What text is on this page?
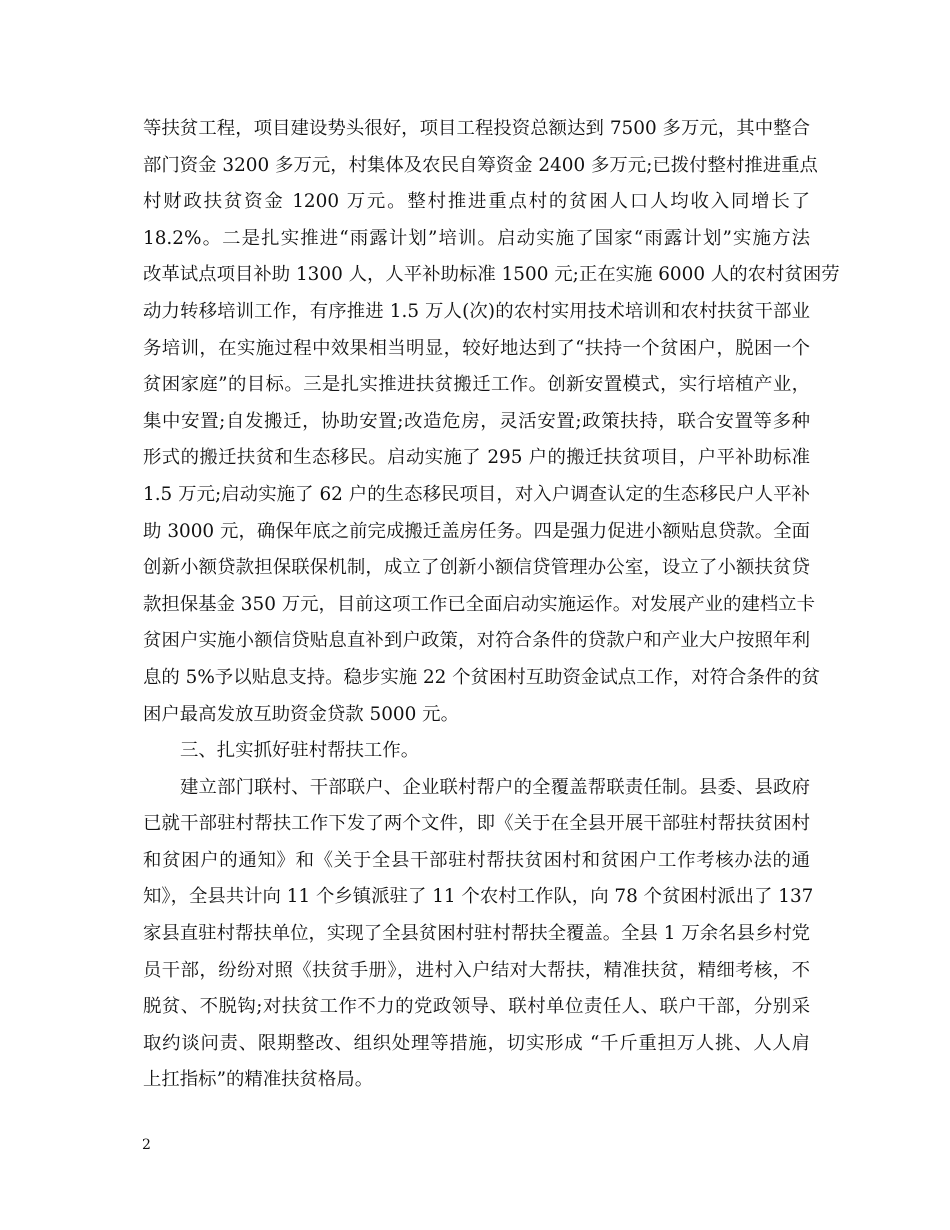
等扶贫工程，项目建设势头很好，项目工程投资总额达到 7500 多万元，其中整合
部门资金 3200 多万元，村集体及农民自筹资金 2400 多万元;已拨付整村推进重点
村财政扶贫资金 1200 万元。整村推进重点村的贫困人口人均收入同增长了
18.2%。二是扎实推进“雨露计划”培训。启动实施了国家“雨露计划”实施方法
改革试点项目补助 1300 人，人平补助标准 1500 元;正在实施 6000 人的农村贫困劳
动力转移培训工作，有序推进 1.5 万人(次)的农村实用技术培训和农村扶贫干部业
务培训，在实施过程中效果相当明显，较好地达到了“扶持一个贫困户，脱困一个
贫困家庭”的目标。三是扎实推进扶贫搬迁工作。创新安置模式，实行培植产业，
集中安置;自发搬迁，协助安置;改造危房，灵活安置;政策扶持，联合安置等多种
形式的搬迁扶贫和生态移民。启动实施了 295 户的搬迁扶贫项目，户平补助标准
1.5 万元;启动实施了 62 户的生态移民项目，对入户调查认定的生态移民户人平补
助 3000 元，确保年底之前完成搬迁盖房任务。四是强力促进小额贴息贷款。全面
创新小额贷款担保联保机制，成立了创新小额信贷管理办公室，设立了小额扶贫贷
款担保基金 350 万元，目前这项工作已全面启动实施运作。对发展产业的建档立卡
贫困户实施小额信贷贴息直补到户政策，对符合条件的贷款户和产业大户按照年利
息的 5%予以贴息支持。稳步实施 22 个贫困村互助资金试点工作，对符合条件的贫
困户最高发放互助资金贷款 5000 元。
三、扎实抓好驻村帮扶工作。
建立部门联村、干部联户、企业联村帮户的全覆盖帮联责任制。县委、县政府
已就干部驻村帮扶工作下发了两个文件，即《关于在全县开展干部驻村帮扶贫困村
和贫困户的通知》和《关于全县干部驻村帮扶贫困村和贫困户工作考核办法的通
知》，全县共计向 11 个乡镇派驻了 11 个农村工作队，向 78 个贫困村派出了 137
家县直驻村帮扶单位，实现了全县贫困村驻村帮扶全覆盖。全县 1 万余名县乡村党
员干部，纷纷对照《扶贫手册》，进村入户结对大帮扶，精准扶贫，精细考核，不
脱贫、不脱钩;对扶贫工作不力的党政领导、联村单位责任人、联户干部，分别采
取约谈问责、限期整改、组织处理等措施，切实形成 “千斤重担万人挑、人人肩
上扛指标”的精准扶贫格局。
2
